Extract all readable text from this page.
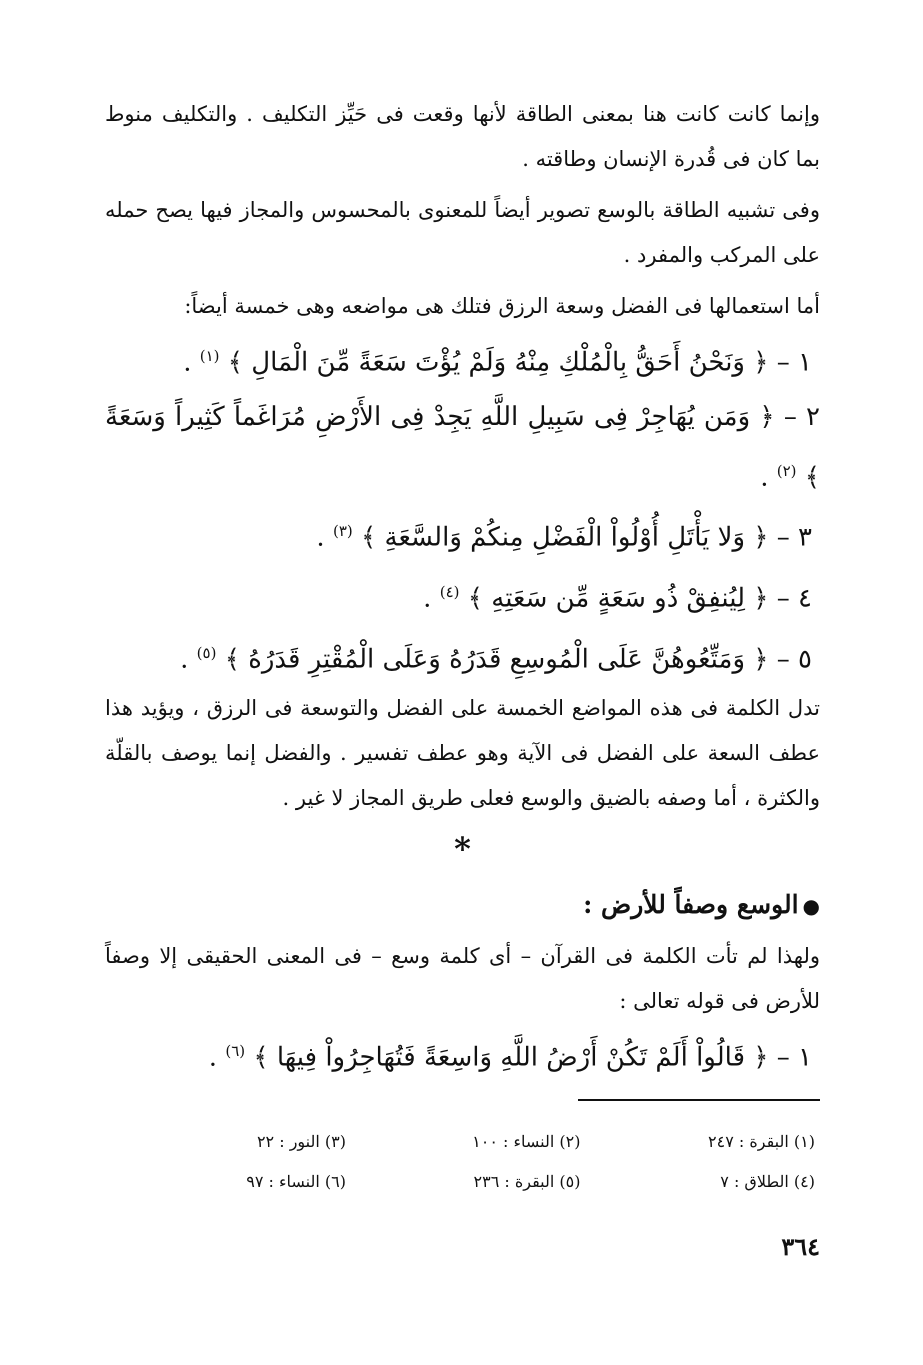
وإنما كانت كانت هنا بمعنى الطاقة لأنها وقعت فى حَيِّز التكليف . والتكليف منوط بما كان فى قُدرة الإنسان وطاقته .

وفى تشبيه الطاقة بالوسع تصوير أيضاً للمعنوى بالمحسوس والمجاز فيها يصح حمله على المركب والمفرد .

أما استعمالها فى الفضل وسعة الرزق فتلك هى مواضعه وهى خمسة أيضاً:

١ – ﴿ وَنَحْنُ أَحَقُّ بِالْمُلْكِ مِنْهُ وَلَمْ يُؤْتَ سَعَةً مِّنَ الْمَالِ ﴾ $^{(١)}$ .

٢ – ﴿ وَمَن يُهَاجِرْ فِى سَبِيلِ اللَّهِ يَجِدْ فِى الأَرْضِ مُرَاغَماً كَثِيراً وَسَعَةً ﴾ $^{(٢)}$ .

٣ – ﴿ وَلا يَأْتَلِ أُوْلُواْ الْفَضْلِ مِنكُمْ وَالسَّعَةِ ﴾ $^{(٣)}$ .

٤ – ﴿ لِيُنفِقْ ذُو سَعَةٍ مِّن سَعَتِهِ ﴾ $^{(٤)}$ .

٥ – ﴿ وَمَتِّعُوهُنَّ عَلَى الْمُوسِعِ قَدَرُهُ وَعَلَى الْمُقْتِرِ قَدَرُهُ ﴾ $^{(٥)}$ .

تدل الكلمة فى هذه المواضع الخمسة على الفضل والتوسعة فى الرزق ، ويؤيد هذا عطف السعة على الفضل فى الآية وهو عطف تفسير . والفضل إنما يوصف بالقلّة والكثرة ، أما وصفه بالضيق والوسع فعلى طريق المجاز لا غير .

*

●الوسع وصفاً للأرض :

ولهذا لم تأت الكلمة فى القرآن – أى كلمة وسع – فى المعنى الحقيقى إلا وصفاً للأرض فى قوله تعالى :

١ – ﴿ قَالُواْ أَلَمْ تَكُنْ أَرْضُ اللَّهِ وَاسِعَةً فَتُهَاجِرُواْ فِيهَا ﴾ $^{(٦)}$ .

(١) البقرة : ٢٤٧
(٢) النساء : ١٠٠
(٣) النور : ٢٢
(٤) الطلاق : ٧
(٥) البقرة : ٢٣٦
(٦) النساء : ٩٧
٣٦٤
